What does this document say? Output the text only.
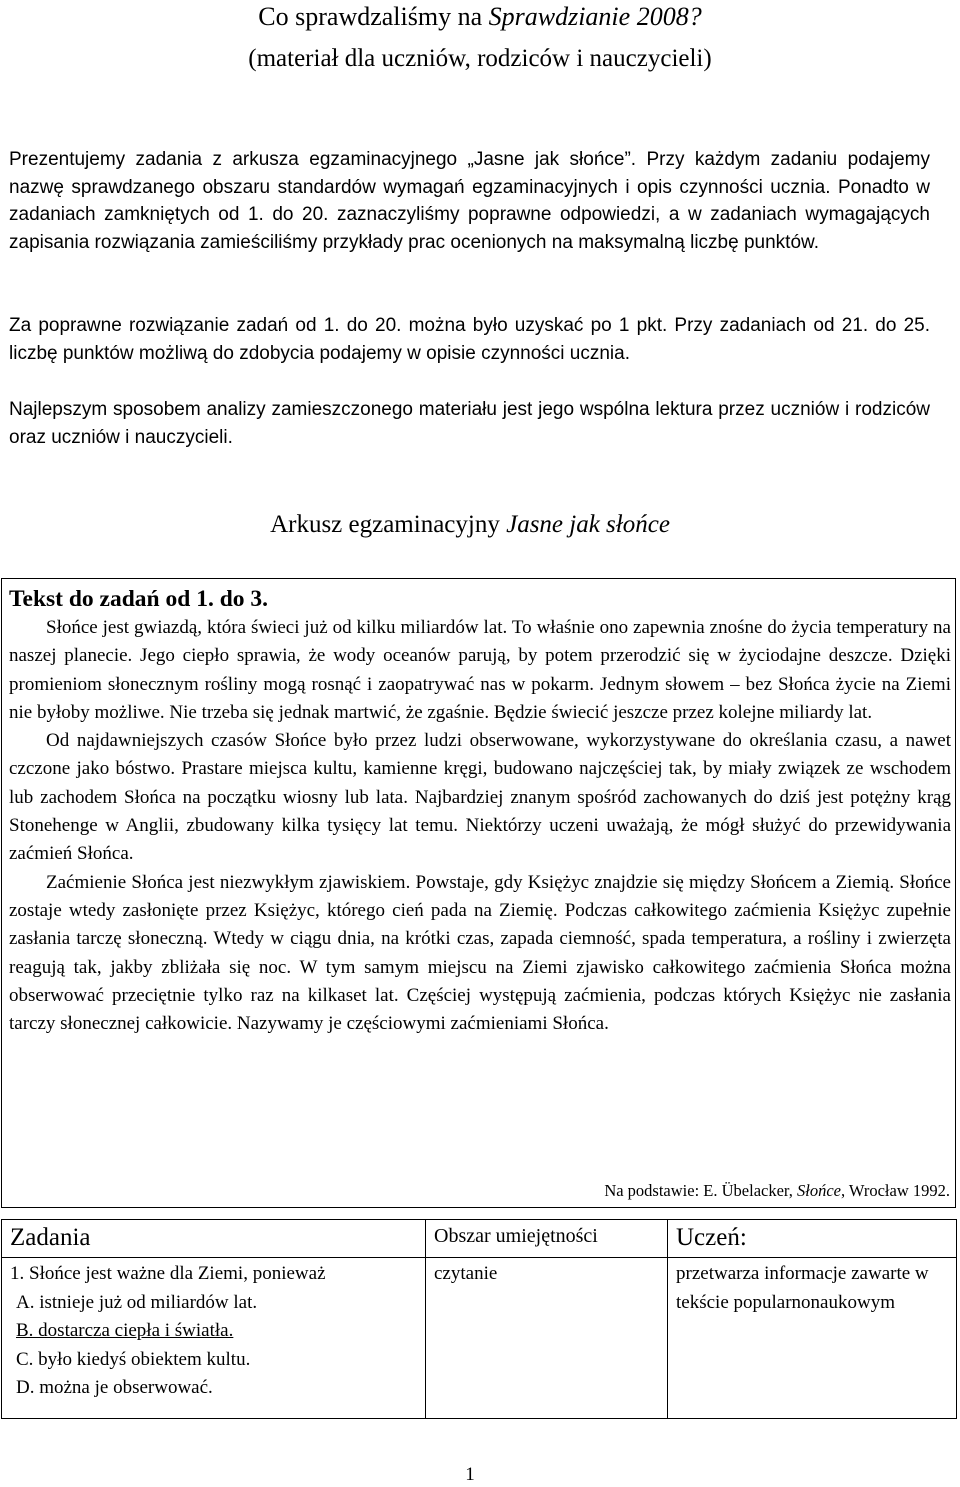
Co sprawdzaliśmy na Sprawdzianie 2008?
(materiał dla uczniów, rodziców i nauczycieli)

Prezentujemy zadania z arkusza egzaminacyjnego „Jasne jak słońce”. Przy każdym zadaniu podajemy nazwę sprawdzanego obszaru standardów wymagań egzaminacyjnych i opis czynności ucznia. Ponadto w zadaniach zamkniętych od 1. do 20. zaznaczyliśmy poprawne odpowiedzi, a w zadaniach wymagających zapisania rozwiązania zamieściliśmy przykłady prac ocenionych na maksymalną liczbę punktów.

Za poprawne rozwiązanie zadań od 1. do 20. można było uzyskać po 1 pkt. Przy zadaniach od 21. do 25. liczbę punktów możliwą do zdobycia podajemy w opisie czynności ucznia.

Najlepszym sposobem analizy zamieszczonego materiału jest jego wspólna lektura przez uczniów i rodziców oraz uczniów i nauczycieli.

Arkusz egzaminacyjny Jasne jak słońce
Tekst do zadań od 1. do 3.

Słońce jest gwiazdą, która świeci już od kilku miliardów lat. To właśnie ono zapewnia znośne do życia temperatury na naszej planecie. Jego ciepło sprawia, że wody oceanów parują, by potem przerodzić się w życiodajne deszcze. Dzięki promieniom słonecznym rośliny mogą rosnąć i zaopatrywać nas w pokarm. Jednym słowem – bez Słońca życie na Ziemi nie byłoby możliwe. Nie trzeba się jednak martwić, że zgaśnie. Będzie świecić jeszcze przez kolejne miliardy lat.

Od najdawniejszych czasów Słońce było przez ludzi obserwowane, wykorzystywane do określania czasu, a nawet czczone jako bóstwo. Prastare miejsca kultu, kamienne kręgi, budowano najczęściej tak, by miały związek ze wschodem lub zachodem Słońca na początku wiosny lub lata. Najbardziej znanym spośród zachowanych do dziś jest potężny krąg Stonehenge w Anglii, zbudowany kilka tysięcy lat temu. Niektórzy uczeni uważają, że mógł służyć do przewidywania zaćmień Słońca.

Zaćmienie Słońca jest niezwykłym zjawiskiem. Powstaje, gdy Księżyc znajdzie się między Słońcem a Ziemią. Słońce zostaje wtedy zasłonięte przez Księżyc, którego cień pada na Ziemię. Podczas całkowitego zaćmienia Księżyc zupełnie zasłania tarczę słoneczną. Wtedy w ciągu dnia, na krótki czas, zapada ciemność, spada temperatura, a rośliny i zwierzęta reagują tak, jakby zbliżała się noc. W tym samym miejscu na Ziemi zjawisko całkowitego zaćmienia Słońca można obserwować przeciętnie tylko raz na kilkaset lat. Częściej występują zaćmienia, podczas których Księżyc nie zasłania tarczy słonecznej całkowicie. Nazywamy je częściowymi zaćmieniami Słońca.

Na podstawie: E. Übelacker, Słońce, Wrocław 1992.
Zadania	Obszar umiejętności	Uczeń:

1. Słońce jest ważne dla Ziemi, ponieważ
A. istnieje już od miliardów lat.
B. dostarcza ciepła i światła.
C. było kiedyś obiektem kultu.
D. można je obserwować.	czytanie	przetwarza informacje zawarte w tekście popularnonaukowym
1
